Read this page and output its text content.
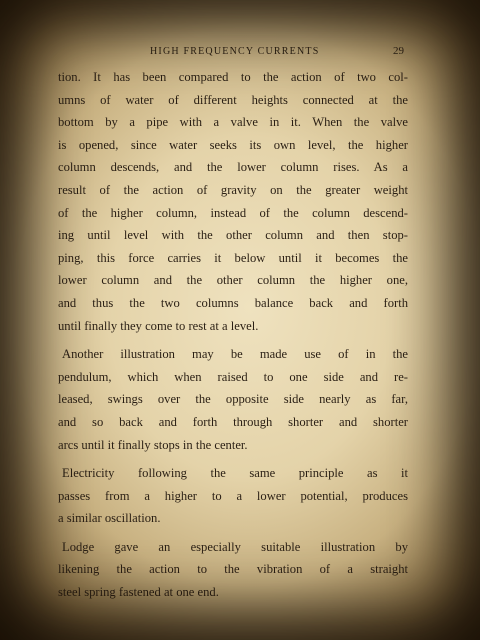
HIGH FREQUENCY CURRENTS	29
tion. It has been compared to the action of two col-
umns of water of different heights connected at the
bottom by a pipe with a valve in it. When the valve
is opened, since water seeks its own level, the higher
column descends, and the lower column rises. As a
result of the action of gravity on the greater weight
of the higher column, instead of the column descend-
ing until level with the other column and then stop-
ping, this force carries it below until it becomes the
lower column and the other column the higher one,
and thus the two columns balance back and forth
until finally they come to rest at a level.
Another illustration may be made use of in the
pendulum, which when raised to one side and re-
leased, swings over the opposite side nearly as far,
and so back and forth through shorter and shorter
arcs until it finally stops in the center.
Electricity following the same principle as it
passes from a higher to a lower potential, produces
a similar oscillation.
Lodge gave an especially suitable illustration by
likening the action to the vibration of a straight
steel spring fastened at one end.
